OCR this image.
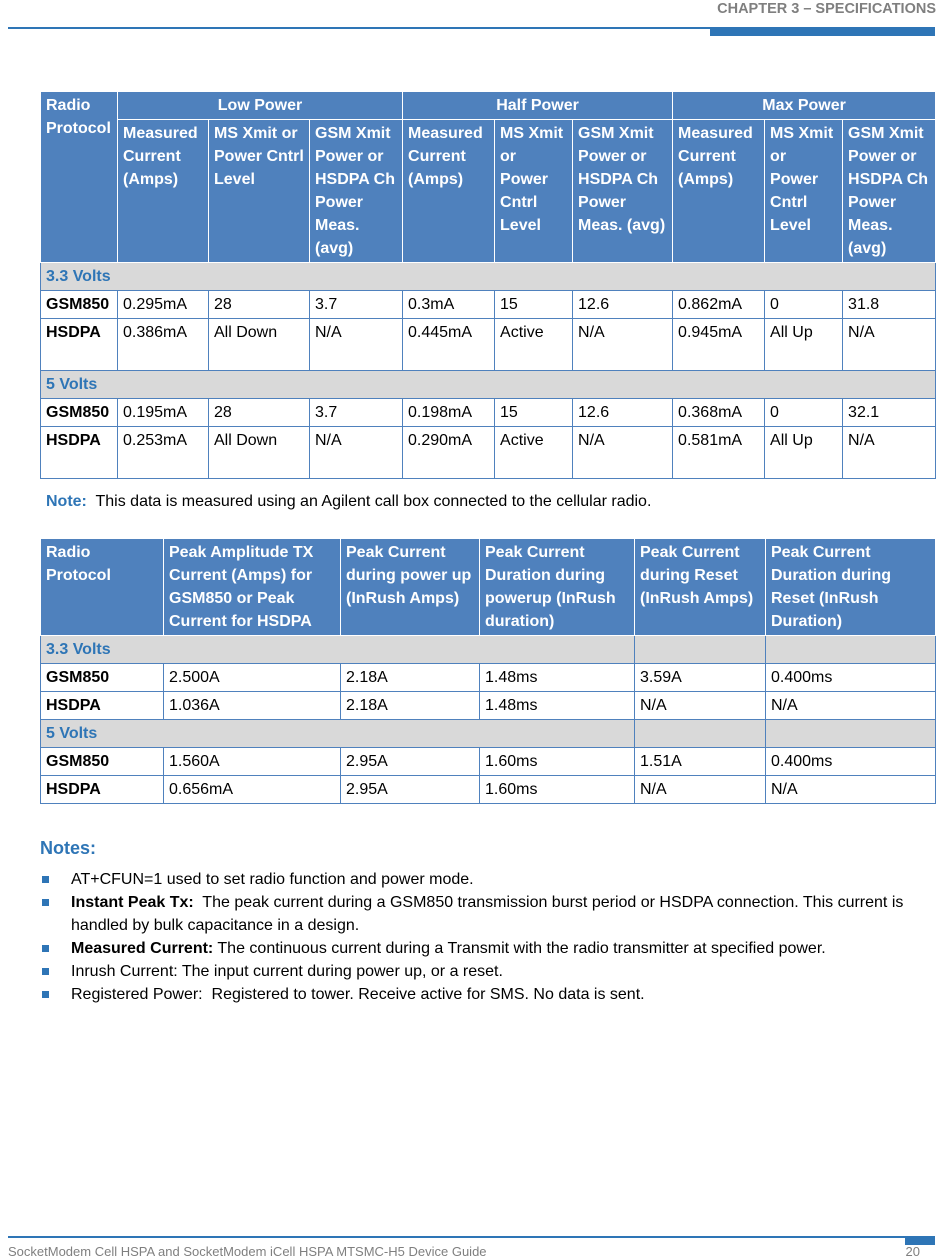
CHAPTER 3 – SPECIFICATIONS
Radio Protocol	Low Power			Half Power			Max Power		
	Measured Current (Amps)	MS Xmit or Power Cntrl Level	GSM Xmit Power or HSDPA Ch Power Meas. (avg)	Measured Current (Amps)	MS Xmit or Power Cntrl Level	GSM Xmit Power or HSDPA Ch Power Meas. (avg)	Measured Current (Amps)	MS Xmit or Power Cntrl Level	GSM Xmit Power or HSDPA Ch Power Meas. (avg)
3.3 Volts									
GSM850	0.295mA	28	3.7	0.3mA	15	12.6	0.862mA	0	31.8
HSDPA	0.386mA	All Down	N/A	0.445mA	Active	N/A	0.945mA	All Up	N/A
5 Volts									
GSM850	0.195mA	28	3.7	0.198mA	15	12.6	0.368mA	0	32.1
HSDPA	0.253mA	All Down	N/A	0.290mA	Active	N/A	0.581mA	All Up	N/A
Note: This data is measured using an Agilent call box connected to the cellular radio.
Radio Protocol	Peak Amplitude TX Current (Amps) for GSM850 or Peak Current for HSDPA	Peak Current during power up (InRush Amps)	Peak Current Duration during powerup (InRush duration)	Peak Current during Reset (InRush Amps)	Peak Current Duration during Reset (InRush Duration)
3.3 Volts					
GSM850	2.500A	2.18A	1.48ms	3.59A	0.400ms
HSDPA	1.036A	2.18A	1.48ms	N/A	N/A
5 Volts					
GSM850	1.560A	2.95A	1.60ms	1.51A	0.400ms
HSDPA	0.656mA	2.95A	1.60ms	N/A	N/A
Notes:
AT+CFUN=1 used to set radio function and power mode.
Instant Peak Tx:  The peak current during a GSM850 transmission burst period or HSDPA connection. This current is handled by bulk capacitance in a design.
Measured Current: The continuous current during a Transmit with the radio transmitter at specified power.
Inrush Current: The input current during power up, or a reset.
Registered Power:  Registered to tower. Receive active for SMS. No data is sent.
SocketModem Cell HSPA and SocketModem iCell HSPA MTSMC-H5 Device Guide	20
